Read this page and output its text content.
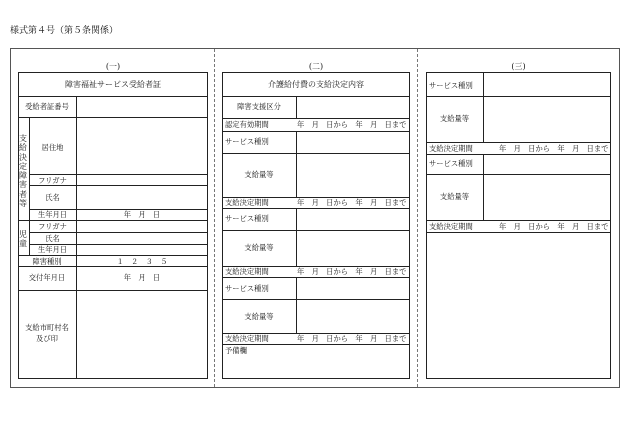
様式第４号（第５条関係）
(一)	(二)	(三)
障害福祉サービス受給者証
受給者証番号
支給決定障害者等
居住地
フリガナ
氏名
生年月日	年　月　日
児童
フリガナ
氏名
生年月日
障害種別	１　２　３　５
交付年月日	年　月　日
支給市町村名
及び印
介護給付費の支給決定内容
障害支援区分
認定有効期間	年　月　日から　年　月　日まで
サービス種別
支給量等
支給決定期間	年　月　日から　年　月　日まで
サービス種別
支給量等
支給決定期間	年　月　日から　年　月　日まで
サービス種別
支給量等
支給決定期間	年　月　日から　年　月　日まで
予備欄
サービス種別
支給量等
支給決定期間	年　月　日から　年　月　日まで
サービス種別
支給量等
支給決定期間	年　月　日から　年　月　日まで
